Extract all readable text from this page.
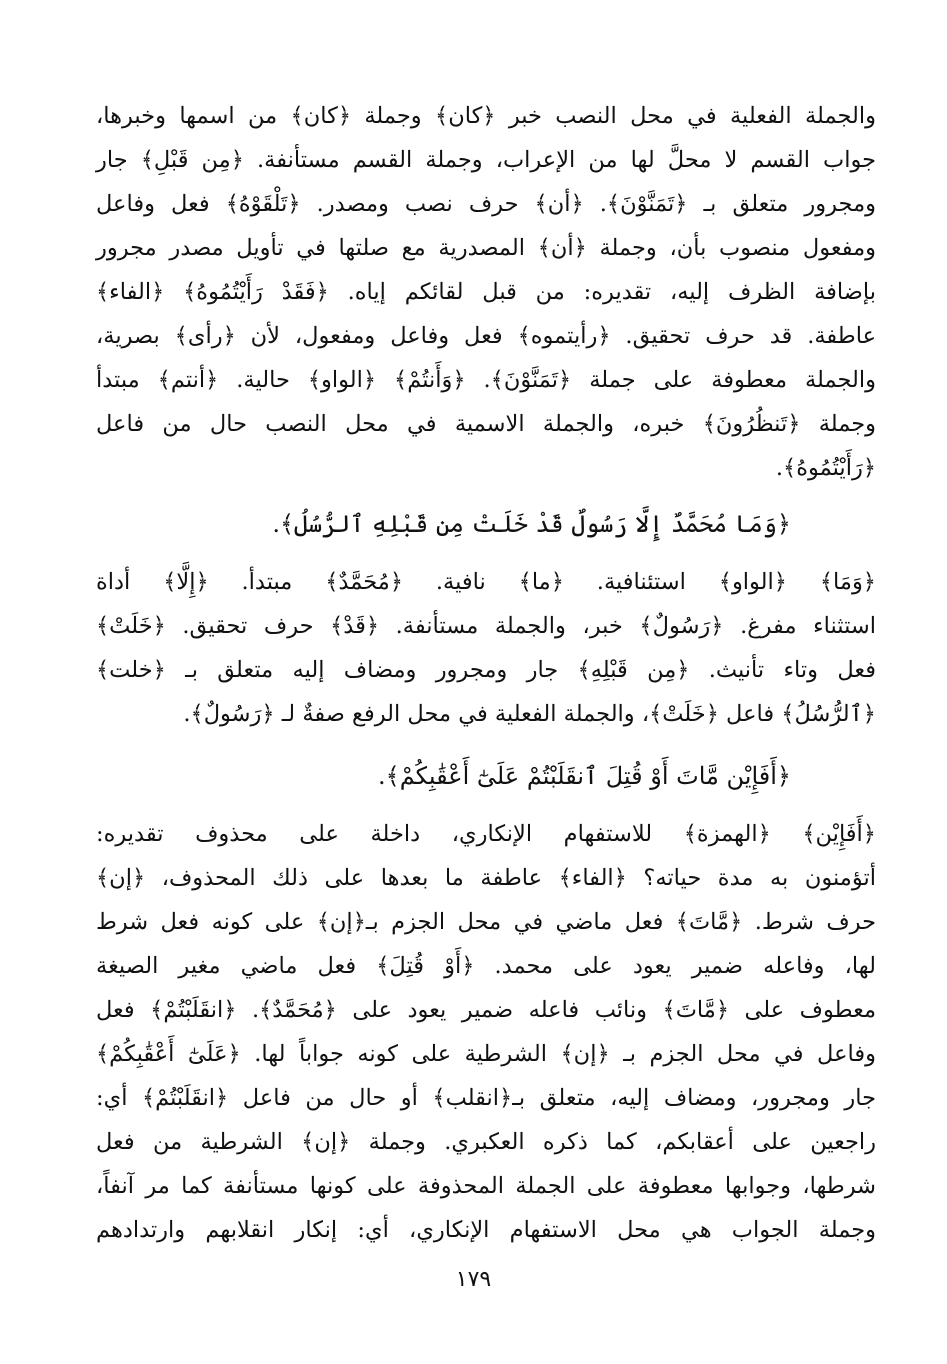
والجملة الفعلية في محل النصب خبر ﴿كان﴾ وجملة ﴿كان﴾ من اسمها وخبرها،
جواب القسم لا محلَّ لها من الإعراب، وجملة القسم مستأنفة. ﴿مِن قَبْلِ﴾ جار
ومجرور متعلق بـ ﴿تَمَنَّوْنَ﴾. ﴿أن﴾ حرف نصب ومصدر. ﴿تَلْقَوْهُ﴾ فعل وفاعل
ومفعول منصوب بأن، وجملة ﴿أن﴾ المصدرية مع صلتها في تأويل مصدر مجرور
بإضافة الظرف إليه، تقديره: من قبل لقائكم إياه. ﴿فَقَدْ رَأَيْتُمُوهُ﴾ ﴿الفاء﴾
عاطفة. قد حرف تحقيق. ﴿رأيتموه﴾ فعل وفاعل ومفعول، لأن ﴿رأى﴾ بصرية،
والجملة معطوفة على جملة ﴿تَمَنَّوْنَ﴾. ﴿وَأَنتُمْ﴾ ﴿الواو﴾ حالية. ﴿أنتم﴾ مبتدأ
وجملة ﴿تَنظُرُونَ﴾ خبره، والجملة الاسمية في محل النصب حال من فاعل
﴿رَأَيْتُمُوهُ﴾.
﴿وَمَا مُحَمَّدٌ إِلَّا رَسُولٌ قَدْ خَلَتْ مِن قَبْلِهِ ٱلرُّسُلُ﴾.
﴿وَمَا﴾ ﴿الواو﴾ استئنافية. ﴿ما﴾ نافية. ﴿مُحَمَّدٌ﴾ مبتدأ. ﴿إِلَّا﴾ أداة
استثناء مفرغ. ﴿رَسُولٌ﴾ خبر، والجملة مستأنفة. ﴿قَدْ﴾ حرف تحقيق. ﴿خَلَتْ﴾
فعل وتاء تأنيث. ﴿مِن قَبْلِهِ﴾ جار ومجرور ومضاف إليه متعلق بـ ﴿خلت﴾
﴿ٱلرُّسُلُ﴾ فاعل ﴿خَلَتْ﴾، والجملة الفعلية في محل الرفع صفةٌ لـ ﴿رَسُولٌ﴾.
﴿أَفَإِيْن مَّاتَ أَوْ قُتِلَ ٱنقَلَبْتُمْ عَلَىٰٓ أَعْقَٰبِكُمْ﴾.
﴿أَفَإِيْن﴾ ﴿الهمزة﴾ للاستفهام الإنكاري، داخلة على محذوف تقديره:
أتؤمنون به مدة حياته؟ ﴿الفاء﴾ عاطفة ما بعدها على ذلك المحذوف، ﴿إن﴾
حرف شرط. ﴿مَّاتَ﴾ فعل ماضي في محل الجزم بـ﴿إن﴾ على كونه فعل شرط
لها، وفاعله ضمير يعود على محمد. ﴿أَوْ قُتِلَ﴾ فعل ماضي مغير الصيغة
معطوف على ﴿مَّاتَ﴾ ونائب فاعله ضمير يعود على ﴿مُحَمَّدٌ﴾. ﴿انقَلَبْتُمْ﴾ فعل
وفاعل في محل الجزم بـ ﴿إن﴾ الشرطية على كونه جواباً لها. ﴿عَلَىٰٓ أَعْقَٰبِكُمْ﴾
جار ومجرور، ومضاف إليه، متعلق بـ﴿انقلب﴾ أو حال من فاعل ﴿انقَلَبْتُمْ﴾ أي:
راجعين على أعقابكم، كما ذكره العكبري. وجملة ﴿إن﴾ الشرطية من فعل
شرطها، وجوابها معطوفة على الجملة المحذوفة على كونها مستأنفة كما مر آنفاً،
وجملة الجواب هي محل الاستفهام الإنكاري، أي: إنكار انقلابهم وارتدادهم
١٧٩
